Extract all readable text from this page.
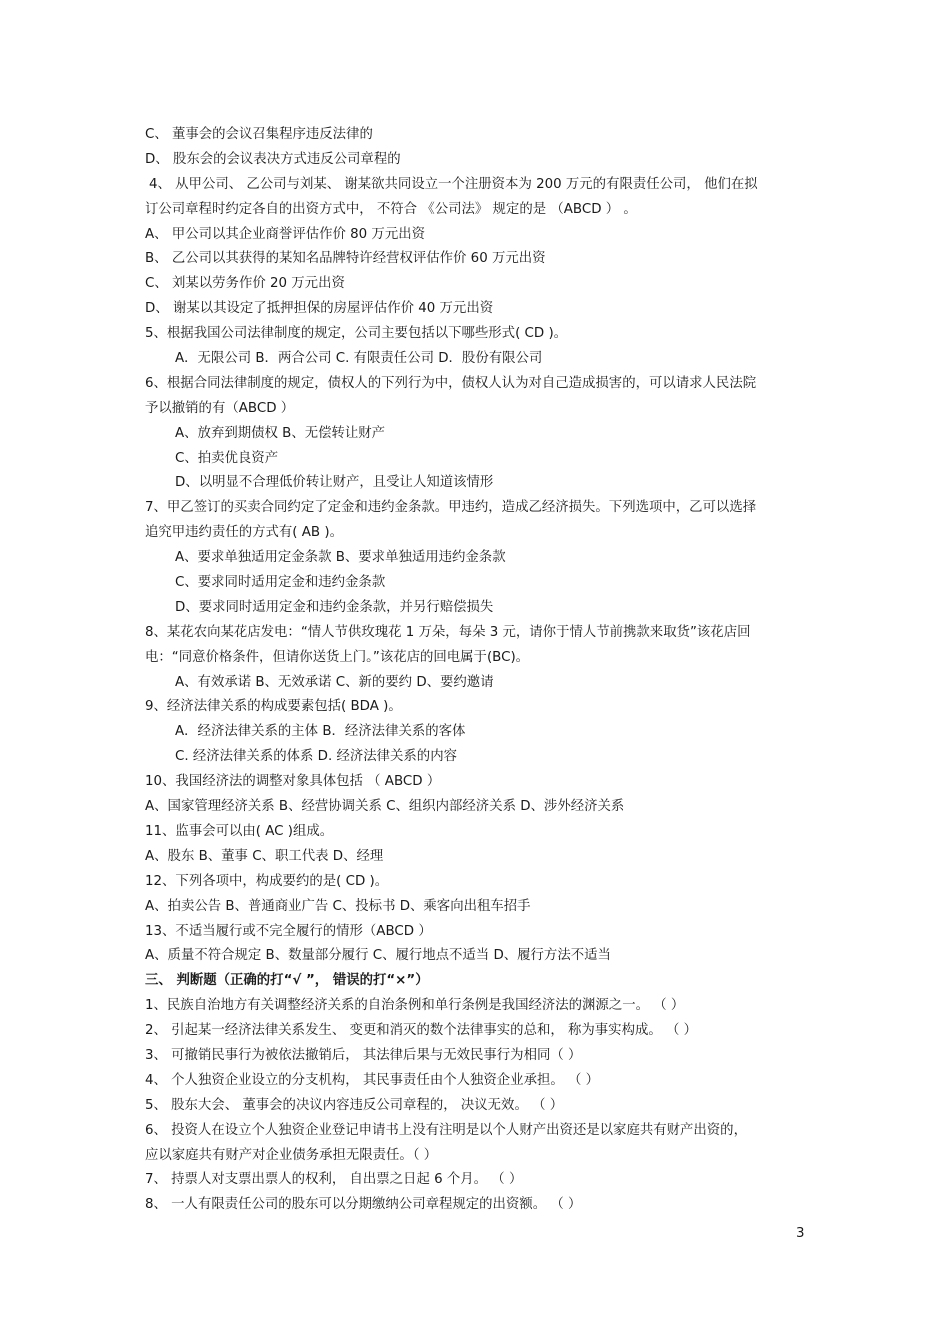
C、 董事会的会议召集程序违反法律的
D、 股东会的会议表决方式违反公司章程的
4、 从甲公司、 乙公司与刘某、 谢某欲共同设立一个注册资本为 200 万元的有限责任公司， 他们在拟
订公司章程时约定各自的出资方式中， 不符合 《公司法》 规定的是 （ABCD ） 。
A、 甲公司以其企业商誉评估作价 80 万元出资
B、 乙公司以其获得的某知名品牌特许经营权评估作价 60 万元出资
C、 刘某以劳务作价 20 万元出资
D、 谢某以其设定了抵押担保的房屋评估作价 40 万元出资
5、根据我国公司法律制度的规定，公司主要包括以下哪些形式( CD )。
A．无限公司 B．两合公司 C. 有限责任公司 D．股份有限公司
6、根据合同法律制度的规定，债权人的下列行为中，债权人认为对自己造成损害的，可以请求人民法院
予以撤销的有（ABCD ）
A、放弃到期债权 B、无偿转让财产
C、拍卖优良资产
D、以明显不合理低价转让财产，且受让人知道该情形
7、甲乙签订的买卖合同约定了定金和违约金条款。甲违约，造成乙经济损失。下列选项中，乙可以选择
追究甲违约责任的方式有( AB )。
A、要求单独适用定金条款 B、要求单独适用违约金条款
C、要求同时适用定金和违约金条款
D、要求同时适用定金和违约金条款，并另行赔偿损失
8、某花农向某花店发电：“情人节供玫瑰花 1 万朵，每朵 3 元，请你于情人节前携款来取货”该花店回
电：“同意价格条件，但请你送货上门。”该花店的回电属于(BC)。
A、有效承诺 B、无效承诺 C、新的要约 D、要约邀请
9、经济法律关系的构成要素包括( BDA )。
A．经济法律关系的主体 B．经济法律关系的客体
C. 经济法律关系的体系 D. 经济法律关系的内容
10、我国经济法的调整对象具体包括 （ ABCD ）
A、国家管理经济关系 B、经营协调关系 C、组织内部经济关系 D、涉外经济关系
11、监事会可以由( AC )组成。
A、股东 B、董事 C、职工代表 D、经理
12、下列各项中，构成要约的是( CD )。
A、拍卖公告 B、普通商业广告 C、投标书 D、乘客向出租车招手
13、不适当履行或不完全履行的情形（ABCD ）
A、质量不符合规定 B、数量部分履行 C、履行地点不适当 D、履行方法不适当
三、 判断题（正确的打“√ ”， 错误的打“×”）
1、民族自治地方有关调整经济关系的自治条例和单行条例是我国经济法的渊源之一。 （ ）
2、 引起某一经济法律关系发生、 变更和消灭的数个法律事实的总和， 称为事实构成。 （ ）
3、 可撤销民事行为被依法撤销后， 其法律后果与无效民事行为相同（ ）
4、 个人独资企业设立的分支机构， 其民事责任由个人独资企业承担。 （ ）
5、 股东大会、 董事会的决议内容违反公司章程的， 决议无效。 （ ）
6、 投资人在设立个人独资企业登记申请书上没有注明是以个人财产出资还是以家庭共有财产出资的，
应以家庭共有财产对企业债务承担无限责任。（ ）
7、 持票人对支票出票人的权利， 自出票之日起 6 个月。 （ ）
8、 一人有限责任公司的股东可以分期缴纳公司章程规定的出资额。 （ ）
3
